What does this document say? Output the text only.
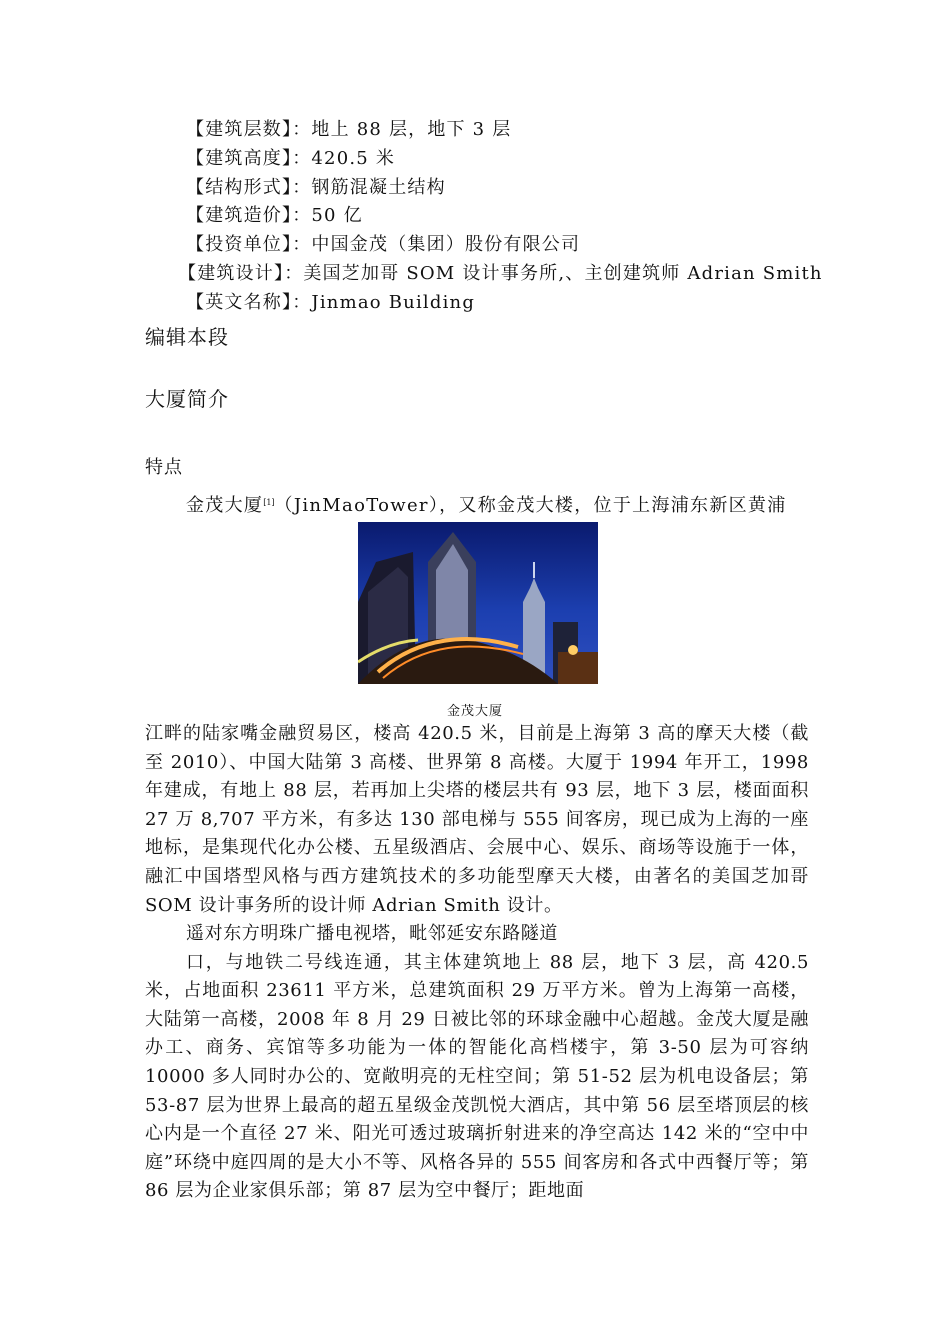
【建筑层数】：地上 88 层，地下 3 层
【建筑高度】：420.5 米
【结构形式】：钢筋混凝土结构
【建筑造价】：50 亿
【投资单位】：中国金茂（集团）股份有限公司
【建筑设计】：美国芝加哥 SOM 设计事务所,、主创建筑师 Adrian Smith
【英文名称】：Jinmao Building
编辑本段
大厦简介
特点
金茂大厦[1]（JinMaoTower），又称金茂大楼，位于上海浦东新区黄浦
金茂大厦

江畔的陆家嘴金融贸易区，楼高 420.5 米，目前是上海第 3 高的摩天大楼（截至 2010）、中国大陆第 3 高楼、世界第 8 高楼。大厦于 1994 年开工，1998 年建成，有地上 88 层，若再加上尖塔的楼层共有 93 层，地下 3 层，楼面面积 27 万 8,707 平方米，有多达 130 部电梯与 555 间客房，现已成为上海的一座地标，是集现代化办公楼、五星级酒店、会展中心、娱乐、商场等设施于一体，融汇中国塔型风格与西方建筑技术的多功能型摩天大楼，由著名的美国芝加哥 SOM 设计事务所的设计师 Adrian Smith 设计。

遥对东方明珠广播电视塔，毗邻延安东路隧道

口，与地铁二号线连通，其主体建筑地上 88 层，地下 3 层，高 420.5 米，占地面积 23611 平方米，总建筑面积 29 万平方米。曾为上海第一高楼，大陆第一高楼，2008 年 8 月 29 日被比邻的环球金融中心超越。金茂大厦是融办工、商务、宾馆等多功能为一体的智能化高档楼宇，第 3-50 层为可容纳 10000 多人同时办公的、宽敞明亮的无柱空间；第 51-52 层为机电设备层；第 53-87 层为世界上最高的超五星级金茂凯悦大酒店，其中第 56 层至塔顶层的核心内是一个直径 27 米、阳光可透过玻璃折射进来的净空高达 142 米的“空中中庭”环绕中庭四周的是大小不等、风格各异的 555 间客房和各式中西餐厅等；第 86 层为企业家俱乐部；第 87 层为空中餐厅；距地面
